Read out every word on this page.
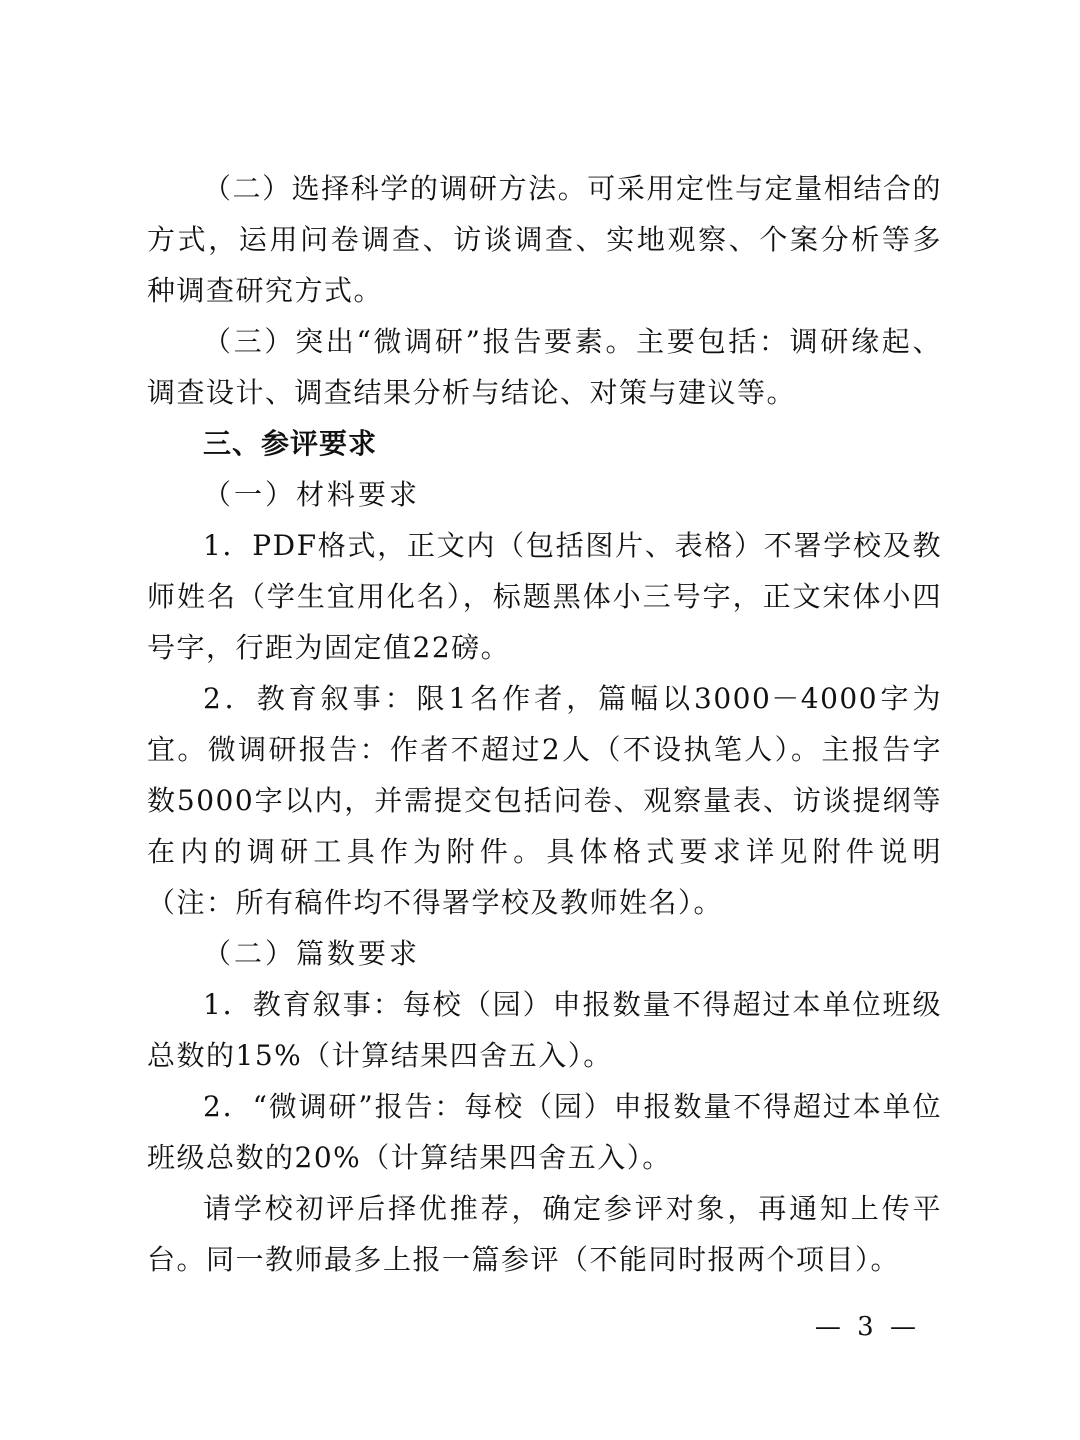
（二）选择科学的调研方法。可采用定性与定量相结合的方式，运用问卷调查、访谈调查、实地观察、个案分析等多种调查研究方式。

（三）突出“微调研”报告要素。主要包括：调研缘起、调查设计、调查结果分析与结论、对策与建议等。

三、参评要求

（一）材料要求

1．PDF格式，正文内（包括图片、表格）不署学校及教师姓名（学生宜用化名），标题黑体小三号字，正文宋体小四号字，行距为固定值22磅。

2．教育叙事：限1名作者，篇幅以3000－4000字为宜。微调研报告：作者不超过2人（不设执笔人）。主报告字数5000字以内，并需提交包括问卷、观察量表、访谈提纲等在内的调研工具作为附件。具体格式要求详见附件说明（注：所有稿件均不得署学校及教师姓名）。

（二）篇数要求

1．教育叙事：每校（园）申报数量不得超过本单位班级总数的15%（计算结果四舍五入）。

2．“微调研”报告：每校（园）申报数量不得超过本单位班级总数的20%（计算结果四舍五入）。

请学校初评后择优推荐，确定参评对象，再通知上传平台。同一教师最多上报一篇参评（不能同时报两个项目）。

— 3 —
